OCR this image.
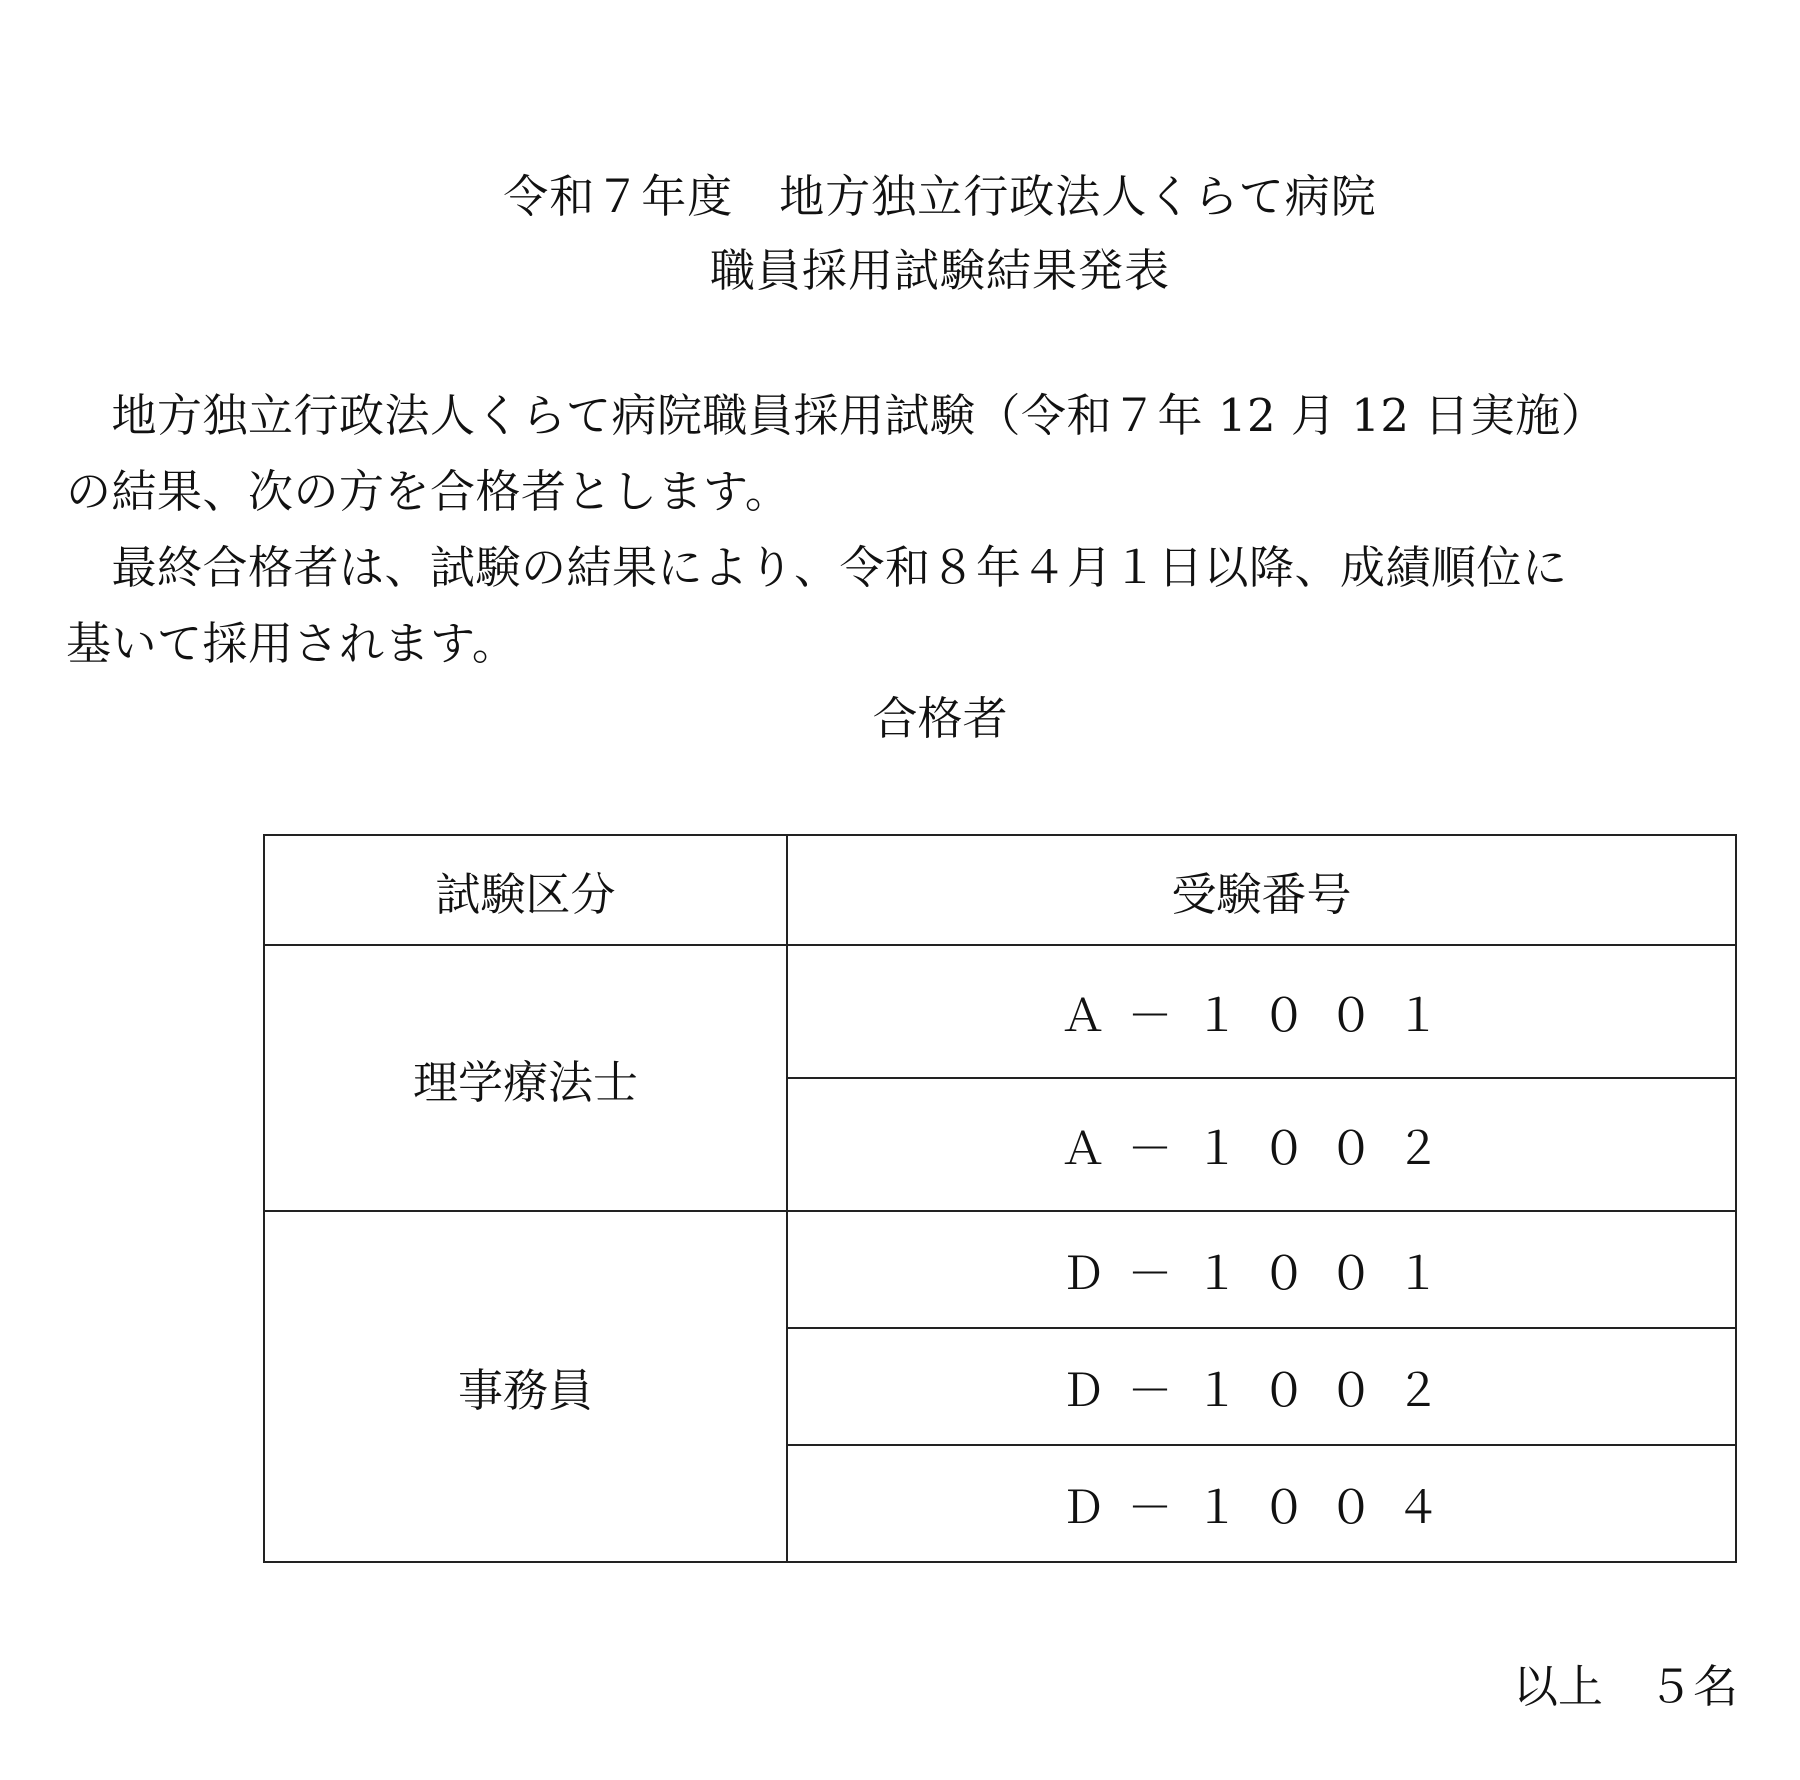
令和７年度　地方独立行政法人くらて病院
職員採用試験結果発表
　地方独立行政法人くらて病院職員採用試験（令和７年 12 月 12 日実施）
の結果、次の方を合格者とします。
　最終合格者は、試験の結果により、令和８年４月１日以降、成績順位に
基いて採用されます。
合格者
試験区分	受験番号
理学療法士	Ａ－１００１
	Ａ－１００２
事務員	Ｄ－１００１
	Ｄ－１００２
	Ｄ－１００４
以上　５名
